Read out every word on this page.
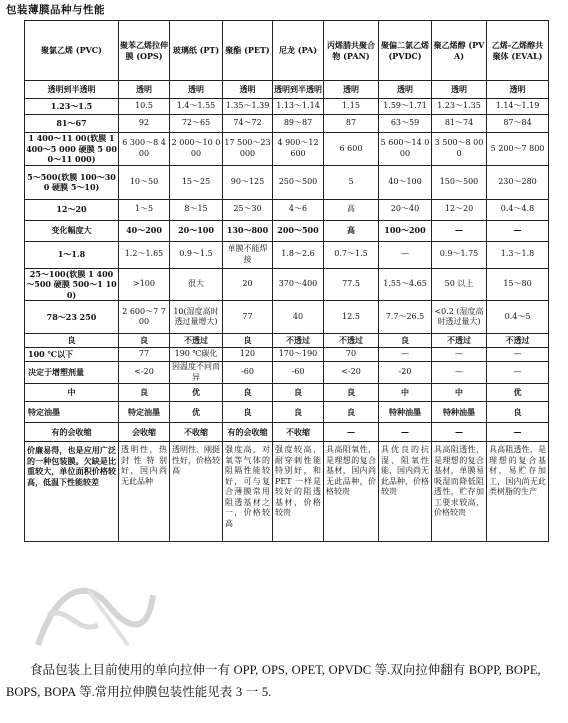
包装薄膜品种与性能
聚氯乙烯 (PVC)	聚苯乙烯拉伸膜 (OPS)	玻璃纸 (PT)	聚酯 (PET)	尼龙 (PA)	丙烯腈共聚合物 (PAN)	聚偏二氯乙烯 (PVDC)	聚乙烯醇 (PVA)	乙烯-乙烯醇共聚体 (EVAL)
透明到半透明	透明	透明	透明	透明到半透明	透明	透明	透明	透明
1.23～1.5	10.5	1.4～1.55	1.35～1.39	1.13～1.14	1.15	1.59～1.71	1.23～1.35	1.14～1.19
81～67	92	72～65	74～72	89～87	87	63～59	81～74	87～84
1 400～11 00(软膜 1 400～5 000 硬膜 5 000～11 000)	6 300～8 400	2 000～10 000	17 500～23 000	4 900～12 600	6 600	5 600～14 000	3 500～8 000	5 200～7 800
5～500(软膜 100～300 硬膜 5～10)	10～50	15～25	90～125	250～500	5	40～100	150～500	230～280
12～20	1～5	8～15	25～30	4～6	高	20～40	12～20	0.4～4.8
变化幅度大	40～200	20～100	130～800	200～500	高	100～200	—	—
1～1.8	1.2～1.65	0.9～1.5	单膜不能焊接	1.8～2.6	0.7～1.5	—	0.9～1.75	1.3～1.8
25～100(软膜 1 400～500 硬膜 500～1 100)	>100	很大	20	370～400	77.5	1.55～4.65	50 以上	15～80
78～23 250	2 600～7 700	10(湿度高时透过量增大)	77	40	12.5	7.7～26.5	<0.2 (湿度高时透过量大)	0.4～5
良	良	不透过	良	不透过	不透过	良	不透过	不透过
100 ℃以下	77	190 ℃碳化	120	170～190	70	—	—	—
决定于增塑剂量	<-20	因温度不同而异	-60	-60	<-20	-20	—	—
中	良	优	良	良	良	中	中	优
特定油墨	特定油墨	优	良	良	良	特种油墨	特种油墨	良
有的会收缩	会收缩	不收缩	有的会收缩	不收缩	—	—	—	—
价廉易得，也是应用广泛的一种包装膜。欠缺是比重较大，单位面积价格较高，低温下性能较差	透明性，热封性特别好，国内尚无此品种	透明性、刚挺性好，价格较高	强度高，对氧等气体的阻隔性能较好，可与复合薄膜常用阻透基材之一，价格较高	强度较高，耐穿刺性能特别好，和 PET 一样是较好的阻透基材，价格较贵	具高阻氧性，是理想的复合基材，国内尚无此品种，价格较贵	具优良的抗湿、阻氧性能，国内尚无此品种，价格较贵	具高阻透性，是理想的复合基材，单膜易吸湿而降低阻透性，贮存加工要求较高，价格较贵	具高阻透性，是理想的复合基材，易贮存加工，国内尚无此类树脂的生产
食品包装上目前使用的单向拉伸一有 OPP, OPS, OPET, OPVDC 等.双向拉伸翻有 BOPP, BOPE, BOPS, BOPA 等.常用拉伸膜包装性能见表 3 一 5.
